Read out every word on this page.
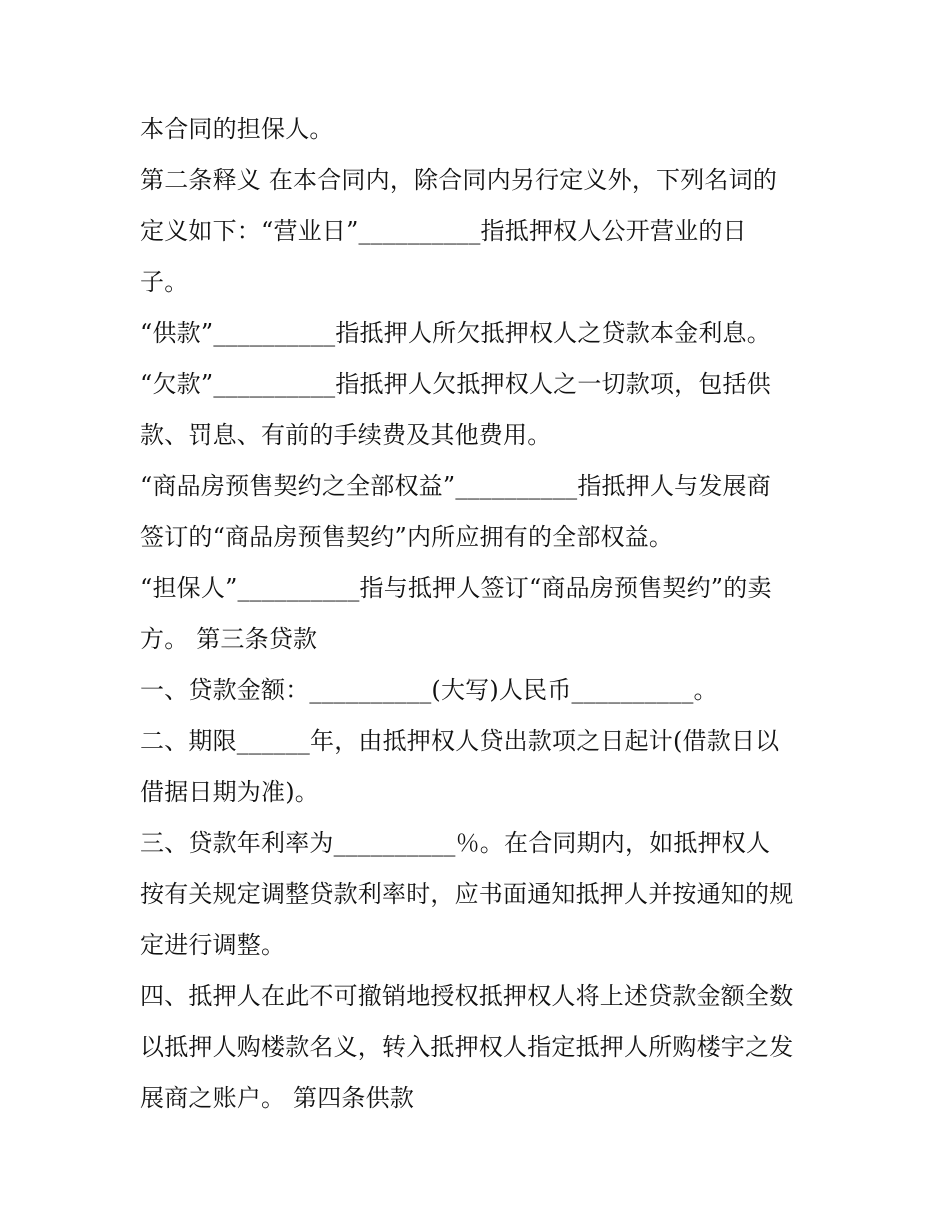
本合同的担保人。
第二条释义 在本合同内，除合同内另行定义外，下列名词的
定义如下：“营业日”__________指抵押权人公开营业的日
子。
“供款”__________指抵押人所欠抵押权人之贷款本金利息。
“欠款”__________指抵押人欠抵押权人之一切款项，包括供
款、罚息、有前的手续费及其他费用。
“商品房预售契约之全部权益”__________指抵押人与发展商
签订的“商品房预售契约”内所应拥有的全部权益。
“担保人”__________指与抵押人签订“商品房预售契约”的卖
方。 第三条贷款
一、贷款金额：__________(大写)人民币__________。
二、期限______年，由抵押权人贷出款项之日起计(借款日以
借据日期为准)。
三、贷款年利率为__________％。在合同期内，如抵押权人
按有关规定调整贷款利率时，应书面通知抵押人并按通知的规
定进行调整。
四、抵押人在此不可撤销地授权抵押权人将上述贷款金额全数
以抵押人购楼款名义，转入抵押权人指定抵押人所购楼宇之发
展商之账户。 第四条供款
